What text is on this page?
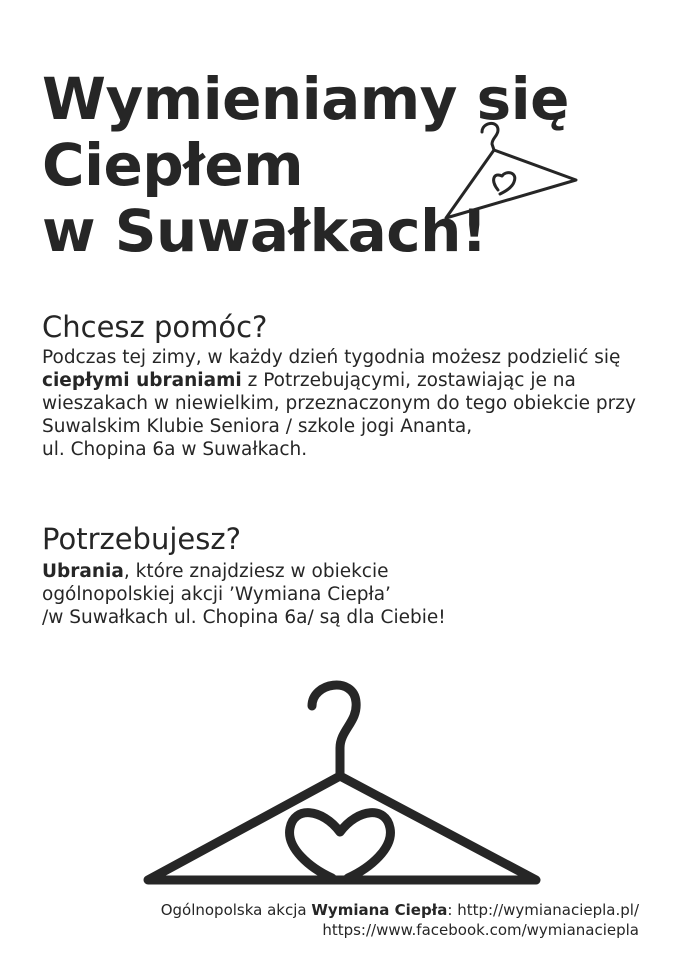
Wymieniamy się
Ciepłem
w Suwałkach!
Chcesz pomóc?

Podczas tej zimy, w każdy dzień tygodnia możesz podzielić się ciepłymi ubraniami z Potrzebującymi, zostawiając je na wieszakach w niewielkim, przeznaczonym do tego obiekcie przy Suwalskim Klubie Seniora / szkole jogi Ananta,
ul. Chopina 6a w Suwałkach.

Potrzebujesz?

Ubrania, które znajdziesz w obiekcie
ogólnopolskiej akcji ’Wymiana Ciepła’
/w Suwałkach ul. Chopina 6a/ są dla Ciebie!

Ogólnopolska akcja Wymiana Ciepła: http://wymianaciepla.pl/
https://www.facebook.com/wymianaciepla
